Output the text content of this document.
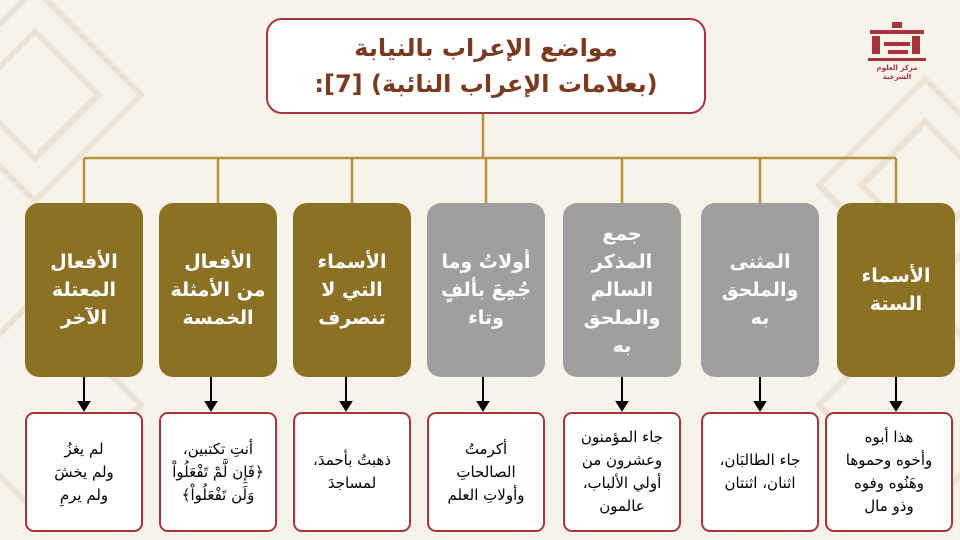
مواضع الإعراب بالنيابة
(بعلامات الإعراب النائبة) [7]:
مركز العلوم الشرعية
الأسماء الستة
المثنى والملحق به
جمع المذكر السالم والملحق به
أولاتُ وما جُمِعَ بألفٍ وتاء
الأسماء التي لا تنصرف
الأفعال من الأمثلة الخمسة
الأفعال المعتلة الآخر
هذا أبوه
وأخوه وحموها
وهَنُوه وفوه
وذو مال
جاء الطالبَان،
اثنان، اثنتان
جاء المؤمنون
وعشرون من
أولي الألباب،
عالمون
أكرمتُ
الصالحاتِ
وأولاتِ العلم
ذهبتُ بأحمدَ،
لمساجدَ
أنتِ تكتبين،
﴿فَإِن لَّمْ تَفْعَلُواْ
وَلَن تَفْعَلُواْ﴾
لم يغزُ
ولم يخشَ
ولم يرمِ
